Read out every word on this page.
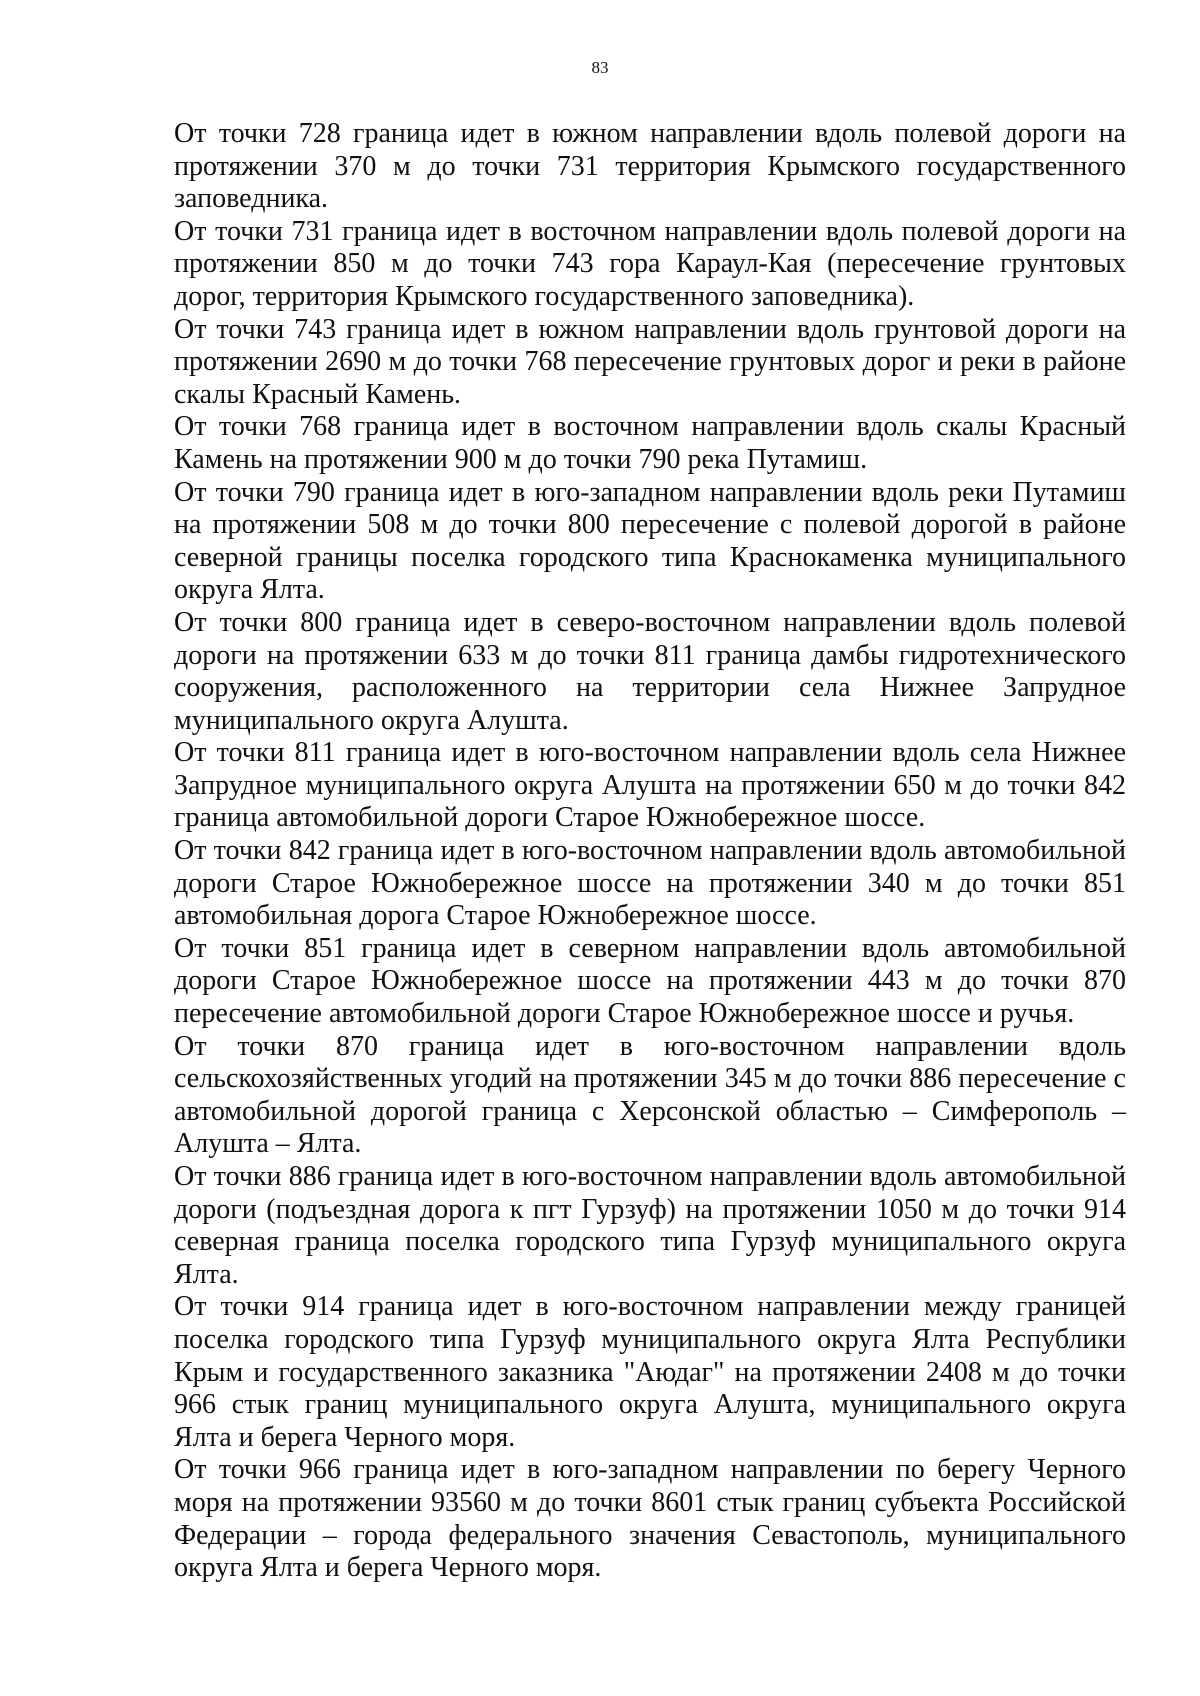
83

От точки 728 граница идет в южном направлении вдоль полевой дороги на протяжении 370 м до точки 731 территория Крымского государственного заповедника.

От точки 731 граница идет в восточном направлении вдоль полевой дороги на протяжении 850 м до точки 743 гора Караул-Кая (пересечение грунтовых дорог, территория Крымского государственного заповедника).

От точки 743 граница идет в южном направлении вдоль грунтовой дороги на протяжении 2690 м до точки 768 пересечение грунтовых дорог и реки в районе скалы Красный Камень.

От точки 768 граница идет в восточном направлении вдоль скалы Красный Камень на протяжении 900 м до точки 790 река Путамиш.

От точки 790 граница идет в юго-западном направлении вдоль реки Путамиш на протяжении 508 м до точки 800 пересечение с полевой дорогой в районе северной границы поселка городского типа Краснокаменка муниципального округа Ялта.

От точки 800 граница идет в северо-восточном направлении вдоль полевой дороги на протяжении 633 м до точки 811 граница дамбы гидротехнического сооружения, расположенного на территории села Нижнее Запрудное муниципального округа Алушта.

От точки 811 граница идет в юго-восточном направлении вдоль села Нижнее Запрудное муниципального округа Алушта на протяжении 650 м до точки 842 граница автомобильной дороги Старое Южнобережное шоссе.

От точки 842 граница идет в юго-восточном направлении вдоль автомобильной дороги Старое Южнобережное шоссе на протяжении 340 м до точки 851 автомобильная дорога Старое Южнобережное шоссе.

От точки 851 граница идет в северном направлении вдоль автомобильной дороги Старое Южнобережное шоссе на протяжении 443 м до точки 870 пересечение автомобильной дороги Старое Южнобережное шоссе и ручья.

От точки 870 граница идет в юго-восточном направлении вдоль сельскохозяйственных угодий на протяжении 345 м до точки 886 пересечение с автомобильной дорогой граница с Херсонской областью – Симферополь – Алушта – Ялта.

От точки 886 граница идет в юго-восточном направлении вдоль автомобильной дороги (подъездная дорога к пгт Гурзуф) на протяжении 1050 м до точки 914 северная граница поселка городского типа Гурзуф муниципального округа Ялта.

От точки 914 граница идет в юго-восточном направлении между границей поселка городского типа Гурзуф муниципального округа Ялта Республики Крым и государственного заказника "Аюдаг" на протяжении 2408 м до точки 966 стык границ муниципального округа Алушта, муниципального округа Ялта и берега Черного моря.

От точки 966 граница идет в юго-западном направлении по берегу Черного моря на протяжении 93560 м до точки 8601 стык границ субъекта Российской Федерации – города федерального значения Севастополь, муниципального округа Ялта и берега Черного моря.
